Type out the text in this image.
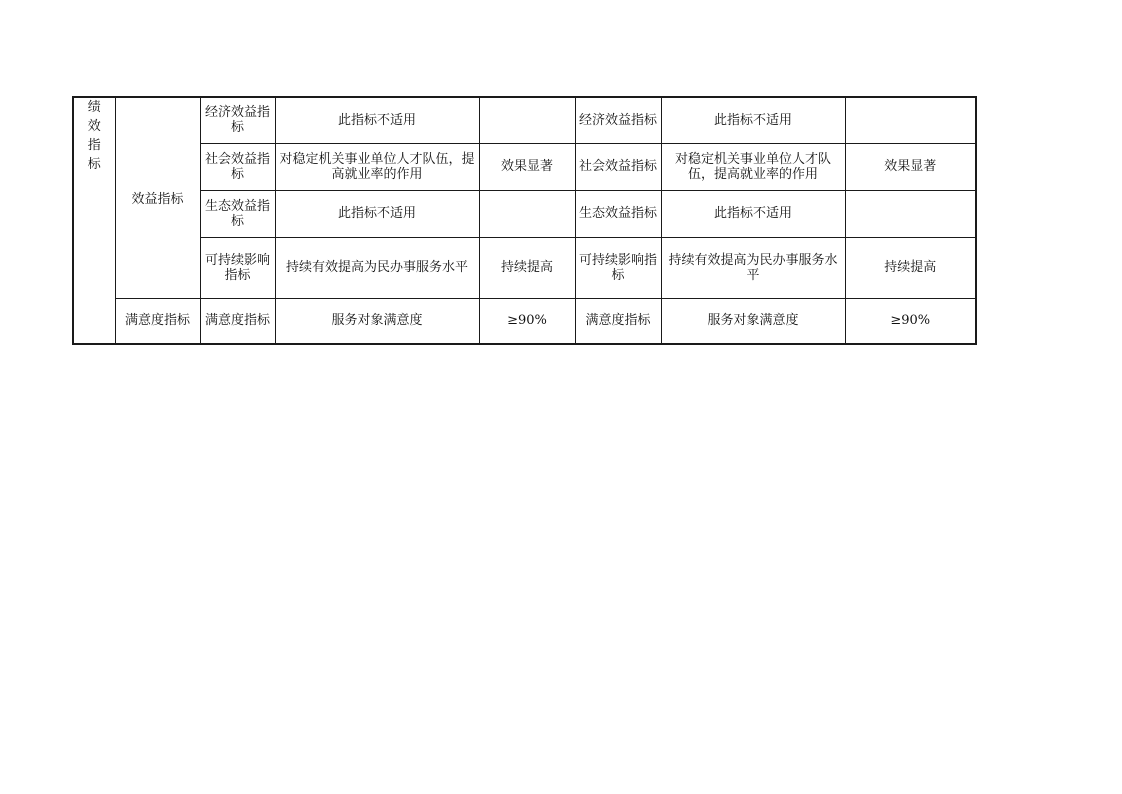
绩效指标	效益指标	经济效益指标	此指标不适用		经济效益指标	此指标不适用	
		社会效益指标	对稳定机关事业单位人才队伍，提高就业率的作用	效果显著	社会效益指标	对稳定机关事业单位人才队伍，提高就业率的作用	效果显著
		生态效益指标	此指标不适用		生态效益指标	此指标不适用	
		可持续影响指标	持续有效提高为民办事服务水平	持续提高	可持续影响指标	持续有效提高为民办事服务水平	持续提高
	满意度指标	满意度指标	服务对象满意度	≥90%	满意度指标	服务对象满意度	≥90%
